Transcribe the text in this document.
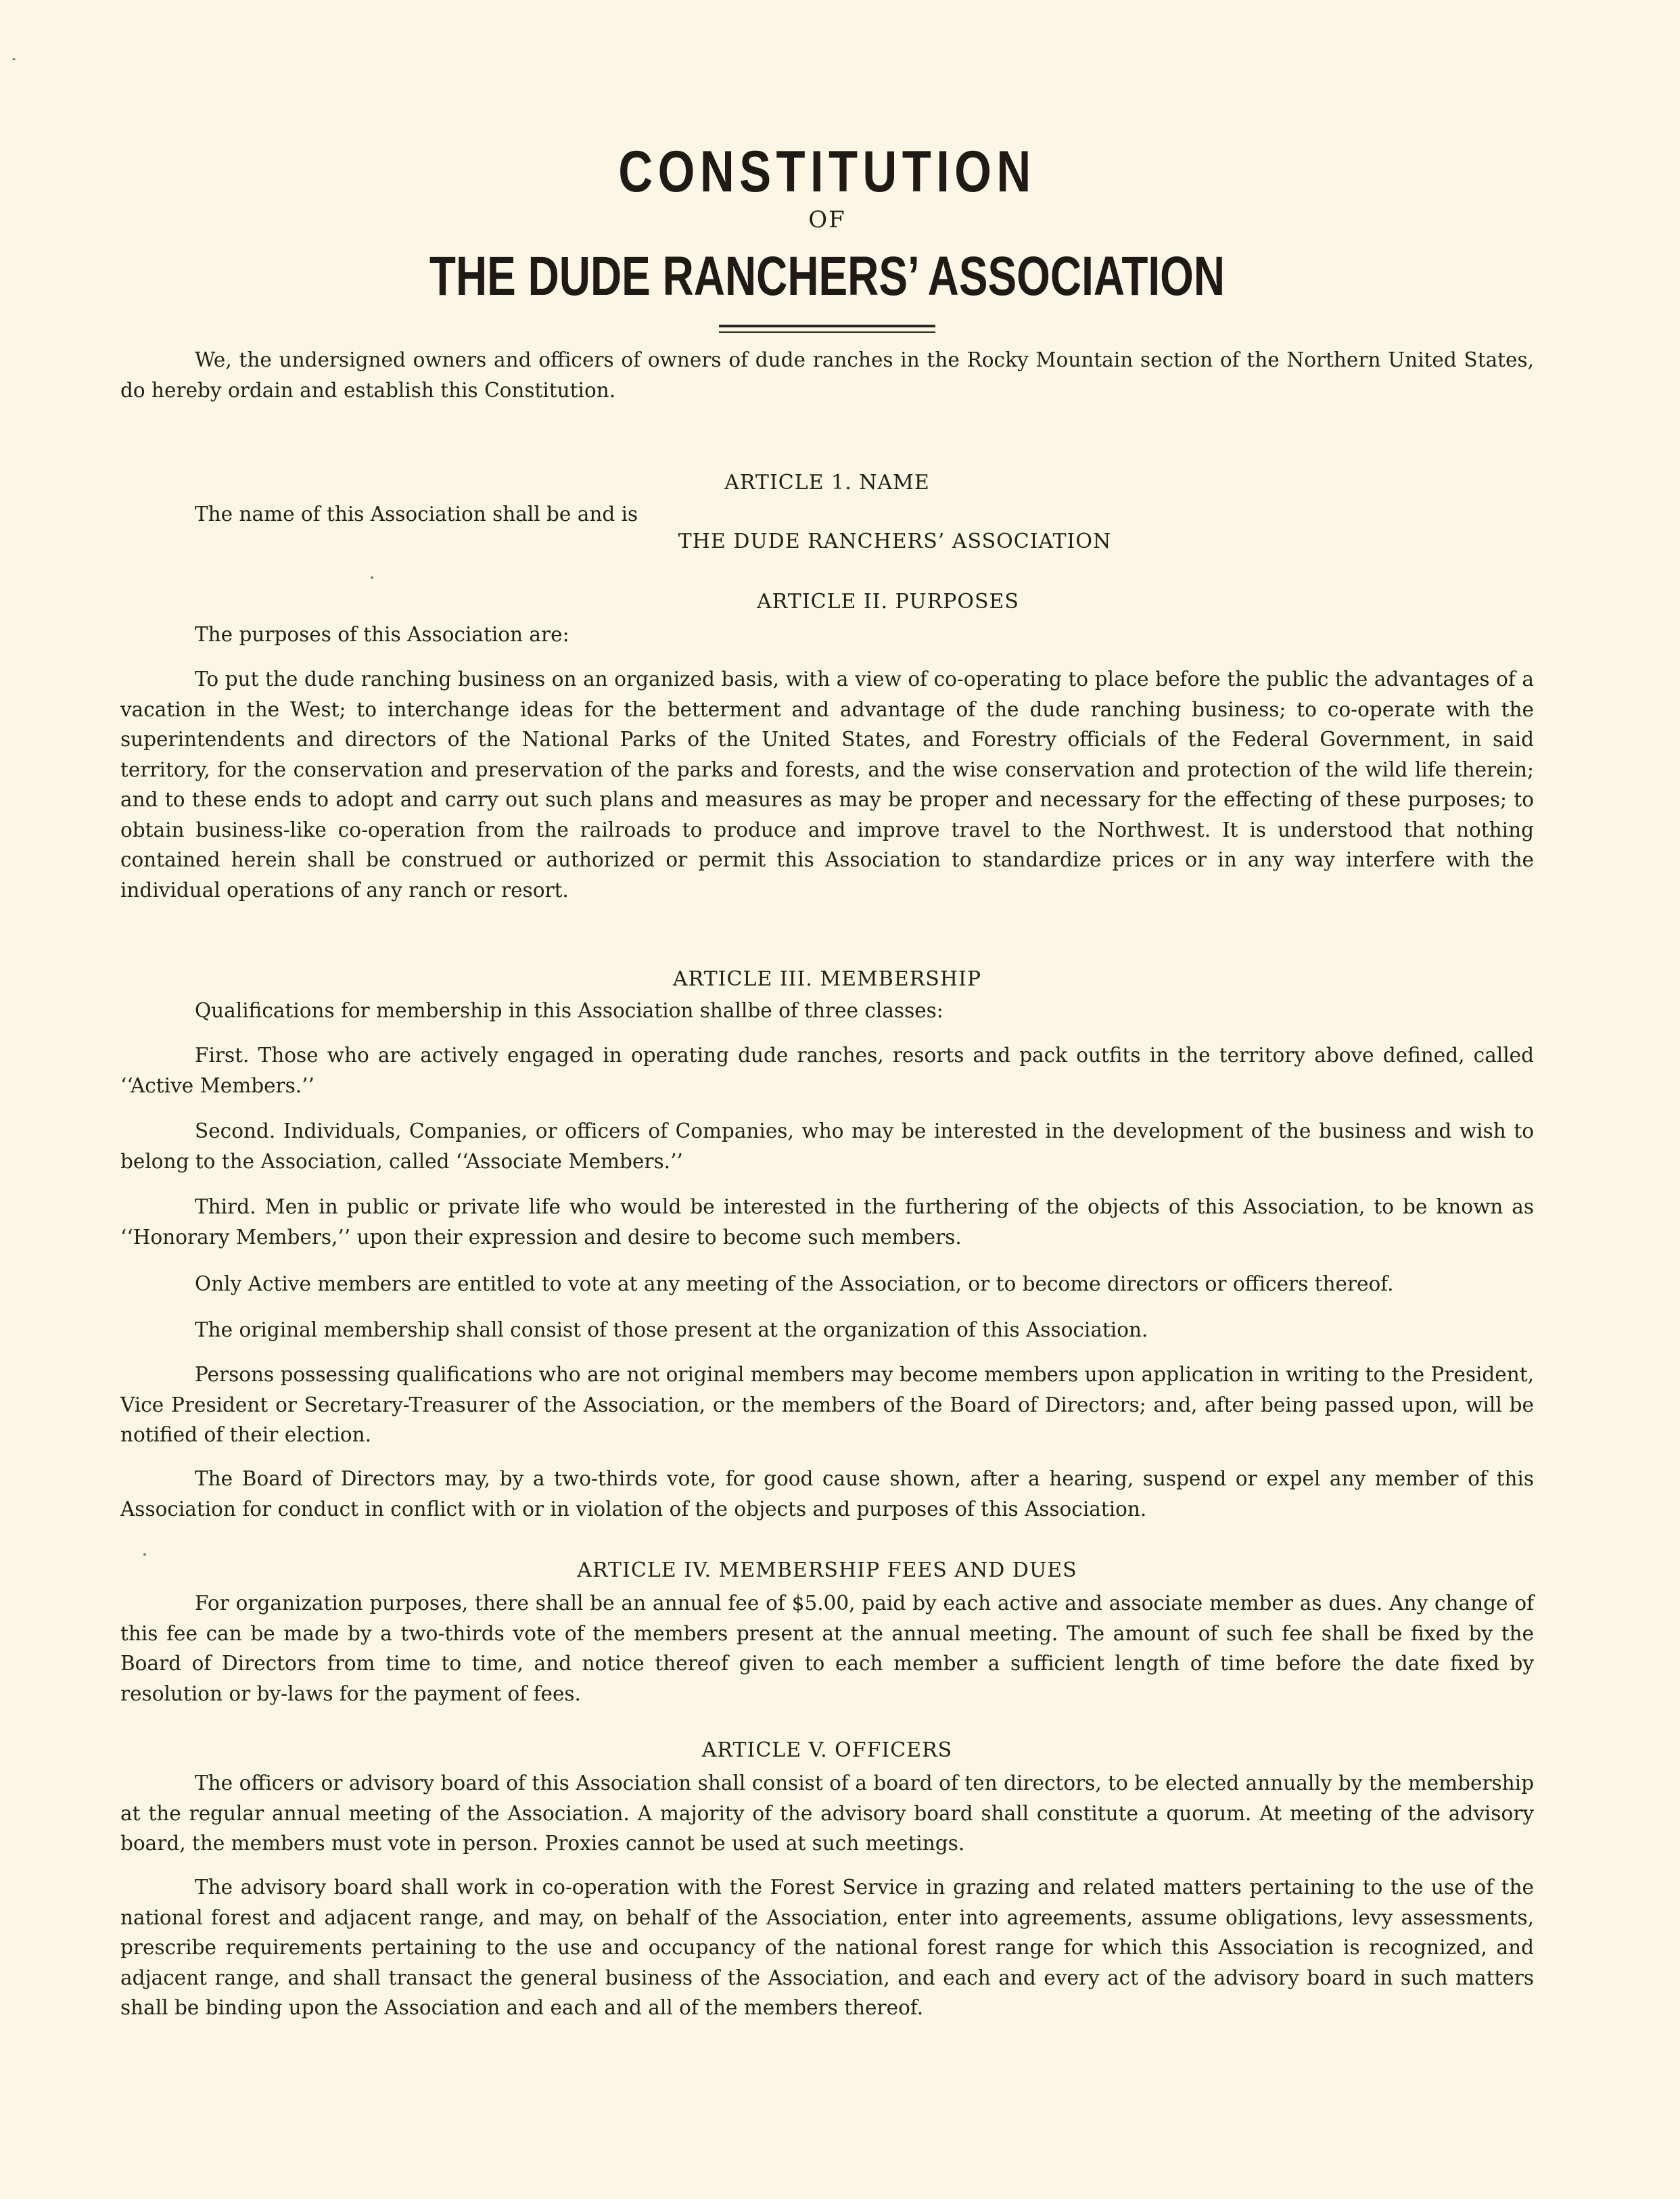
CONSTITUTION
OF
THE DUDE RANCHERS’ ASSOCIATION

We, the undersigned owners and officers of owners of dude ranches in the Rocky Mountain section of the Northern United States, do hereby ordain and establish this Constitution.

ARTICLE 1. NAME

The name of this Association shall be and is

THE DUDE RANCHERS’ ASSOCIATION
ARTICLE II. PURPOSES

The purposes of this Association are:

To put the dude ranching business on an organized basis, with a view of co-operating to place before the public the advantages of a vacation in the West; to interchange ideas for the betterment and advantage of the dude ranching business; to co-operate with the superintendents and directors of the National Parks of the United States, and Forestry officials of the Federal Government, in said territory, for the conservation and preservation of the parks and forests, and the wise conservation and protection of the wild life therein; and to these ends to adopt and carry out such plans and measures as may be proper and necessary for the effecting of these purposes; to obtain business-like co-operation from the railroads to produce and improve travel to the Northwest. It is understood that nothing contained herein shall be construed or authorized or permit this Association to standardize prices or in any way interfere with the individual operations of any ranch or resort.

ARTICLE III. MEMBERSHIP

Qualifications for membership in this Association shallbe of three classes:

First. Those who are actively engaged in operating dude ranches, resorts and pack outfits in the territory above defined, called ‘‘Active Members.’’

Second. Individuals, Companies, or officers of Companies, who may be interested in the development of the business and wish to belong to the Association, called ‘‘Associate Members.’’

Third. Men in public or private life who would be interested in the furthering of the objects of this Association, to be known as ‘‘Honorary Members,’’ upon their expression and desire to become such members.

Only Active members are entitled to vote at any meeting of the Association, or to become directors or officers thereof.

The original membership shall consist of those present at the organization of this Association.

Persons possessing qualifications who are not original members may become members upon application in writing to the President, Vice President or Secretary-Treasurer of the Association, or the members of the Board of Directors; and, after being passed upon, will be notified of their election.

The Board of Directors may, by a two-thirds vote, for good cause shown, after a hearing, suspend or expel any member of this Association for conduct in conflict with or in violation of the objects and purposes of this Association.

ARTICLE IV. MEMBERSHIP FEES AND DUES

For organization purposes, there shall be an annual fee of $5.00, paid by each active and associate member as dues. Any change of this fee can be made by a two-thirds vote of the members present at the annual meeting. The amount of such fee shall be fixed by the Board of Directors from time to time, and notice thereof given to each member a sufficient length of time before the date fixed by resolution or by-laws for the payment of fees.

ARTICLE V. OFFICERS

The officers or advisory board of this Association shall consist of a board of ten directors, to be elected annually by the membership at the regular annual meeting of the Association. A majority of the advisory board shall constitute a quorum. At meeting of the advisory board, the members must vote in person. Proxies cannot be used at such meetings.

The advisory board shall work in co-operation with the Forest Service in grazing and related matters pertaining to the use of the national forest and adjacent range, and may, on behalf of the Association, enter into agreements, assume obligations, levy assessments, prescribe requirements pertaining to the use and occupancy of the national forest range for which this Association is recognized, and adjacent range, and shall transact the general business of the Association, and each and every act of the advisory board in such matters shall be binding upon the Association and each and all of the members thereof.
